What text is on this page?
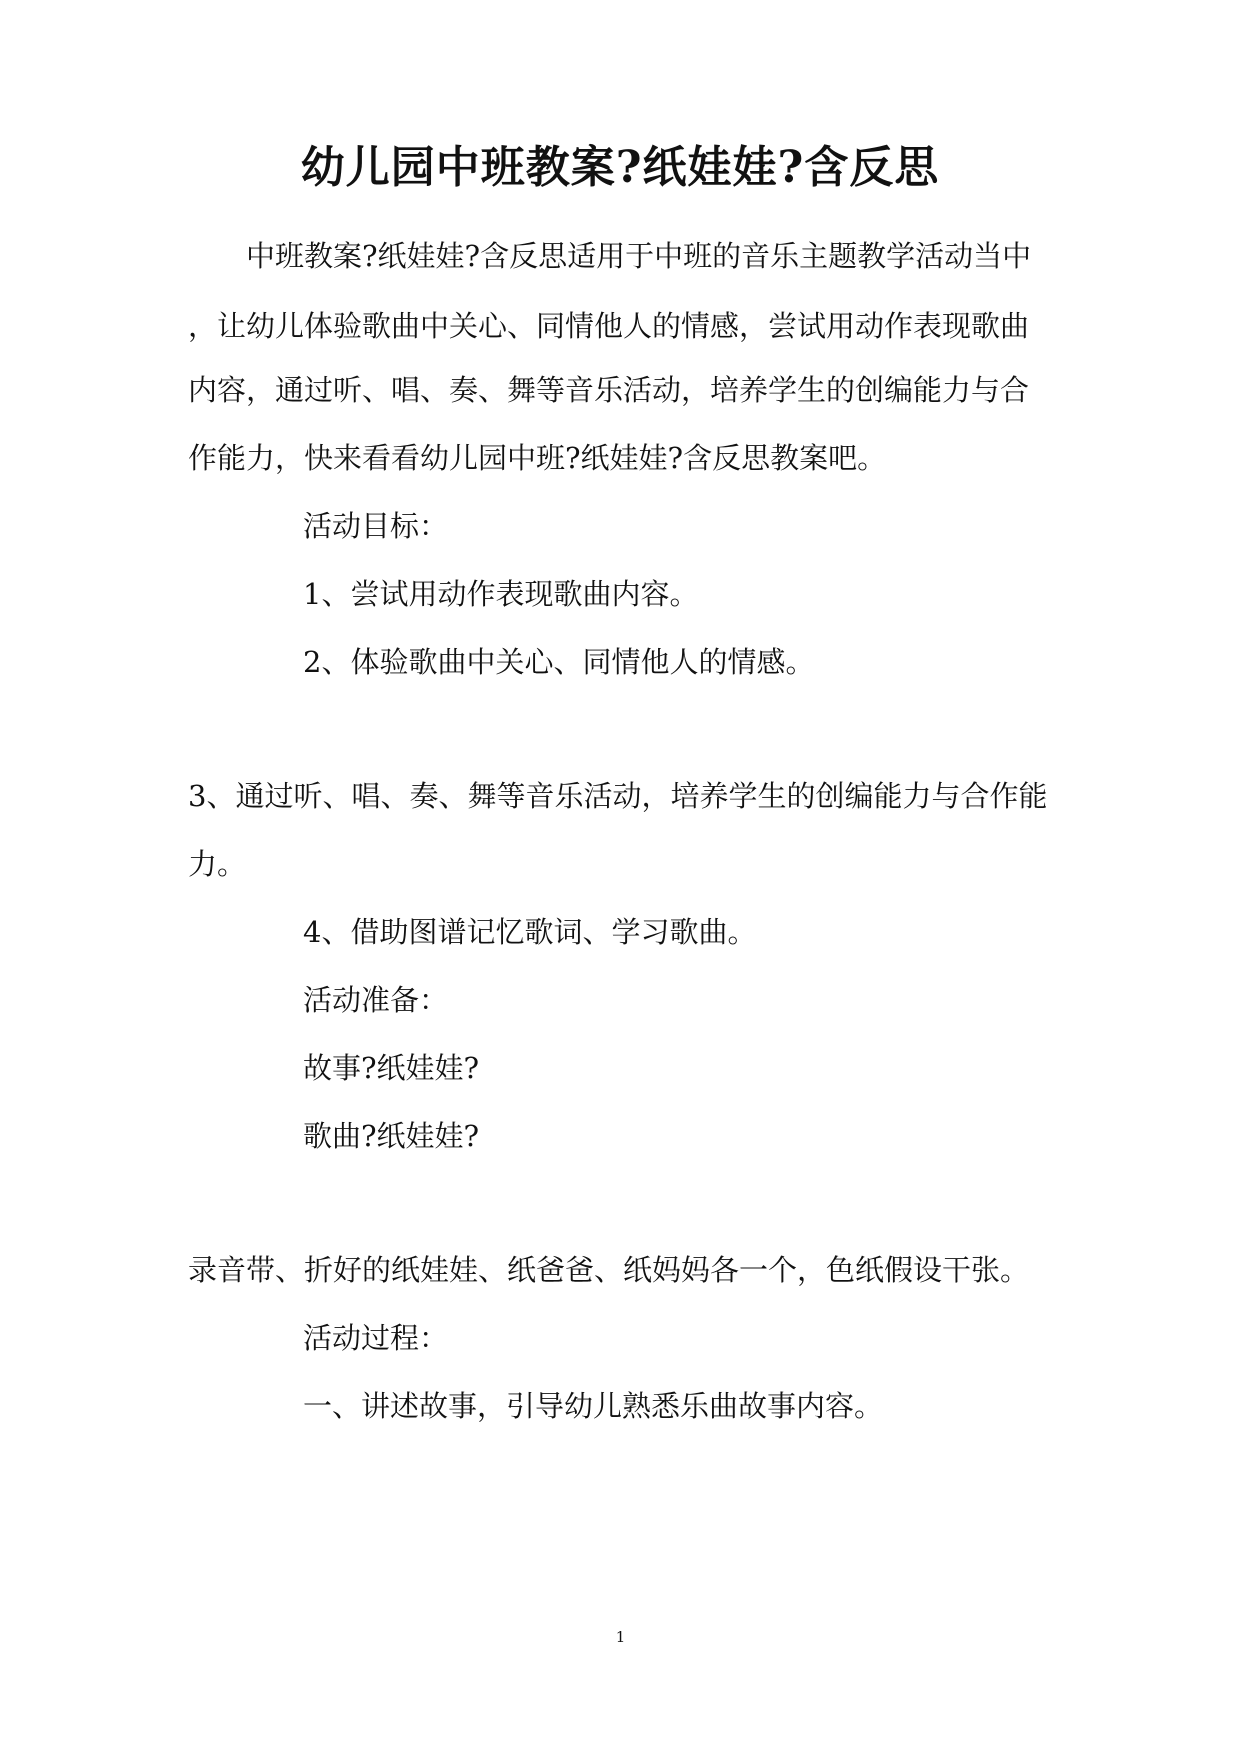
幼儿园中班教案?纸娃娃?含反思

中班教案?纸娃娃?含反思适用于中班的音乐主题教学活动当中

，让幼儿体验歌曲中关心、同情他人的情感，尝试用动作表现歌曲

内容，通过听、唱、奏、舞等音乐活动，培养学生的创编能力与合

作能力，快来看看幼儿园中班?纸娃娃?含反思教案吧。

活动目标：

1、尝试用动作表现歌曲内容。

2、体验歌曲中关心、同情他人的情感。

3、通过听、唱、奏、舞等音乐活动，培养学生的创编能力与合作能

力。

4、借助图谱记忆歌词、学习歌曲。

活动准备：

故事?纸娃娃?

歌曲?纸娃娃?

录音带、折好的纸娃娃、纸爸爸、纸妈妈各一个，色纸假设干张。

活动过程：

一、讲述故事，引导幼儿熟悉乐曲故事内容。

1
